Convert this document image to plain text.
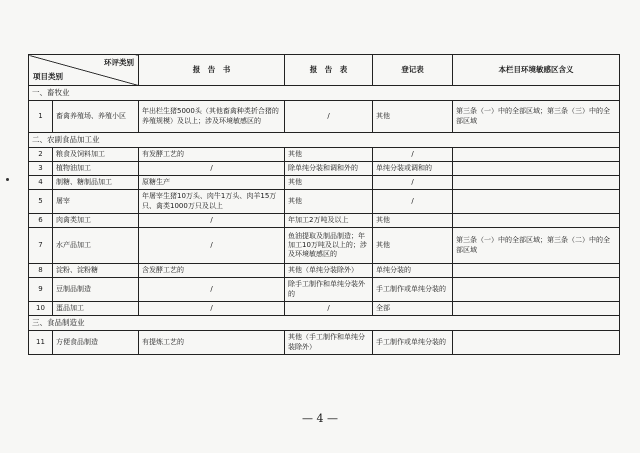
环评类别
项目类别		报　告　书	报　告　表	登记表	本栏目环境敏感区含义
一、畜牧业					
1	畜禽养殖场、养殖小区	年出栏生猪5000头（其他畜禽种类折合猪的养殖规模）及以上；涉及环境敏感区的	/	其他	第三条（一）中的全部区域；第三条（三）中的全部区域
二、农副食品加工业					
2	粮食及饲料加工	有发酵工艺的	其他	/	
3	植物油加工	/	除单纯分装和调和外的	单纯分装或调和的	
4	制糖、糖制品加工	原糖生产	其他	/	
5	屠宰	年屠宰生猪10万头、肉牛1万头、肉羊15万只、禽类1000万只及以上	其他	/	
6	肉禽类加工	/	年加工2万吨及以上	其他	
7	水产品加工	/	鱼油提取及制品制造；年加工10万吨及以上的；涉及环境敏感区的	其他	第三条（一）中的全部区域；第三条（二）中的全部区域
8	淀粉、淀粉糖	含发酵工艺的	其他（单纯分装除外）	单纯分装的	
9	豆制品制造	/	除手工制作和单纯分装外的	手工制作或单纯分装的	
10	蛋品加工	/	/	全部	
三、食品制造业					
11	方便食品制造	有提炼工艺的	其他（手工制作和单纯分装除外）	手工制作或单纯分装的	
— 4 —
